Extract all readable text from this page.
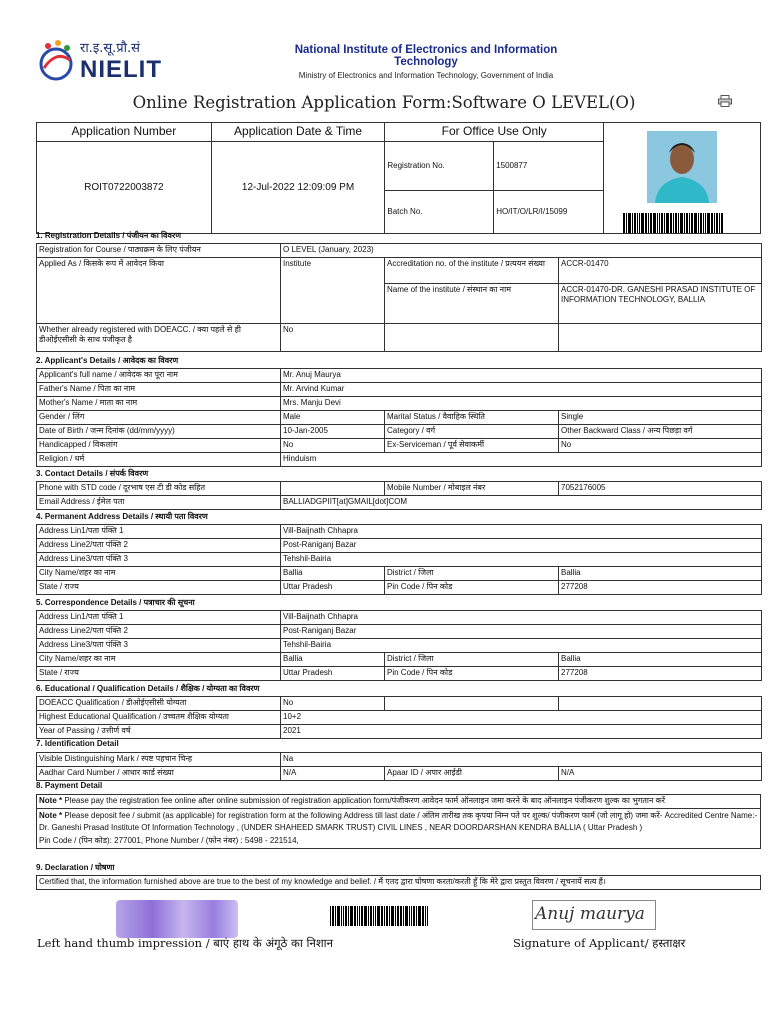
रा.इ.सू.प्रौ.सं
NIELIT
National Institute of Electronics and Information Technology
Ministry of Electronics and Information Technology, Government of India
Online Registration Application Form:Software O LEVEL(O)
Application Number	Application Date & Time	For Office Use Only	

ROIT0722003872	12-Jul-2022 12:09:09 PM	Registration No.	1500877	
		Batch No.	HO/IT/O/LR/I/15099	
1. Registration Details / पंजीयन का विवरण
Registration for Course / पाठ्यक्रम के लिए पंजीयन	O LEVEL (January, 2023)		
Applied As / किसके रूप में आवेदन किया	Institute	Accreditation no. of the institute / प्रत्ययन संख्या	ACCR-01470
		Name of the institute / संस्थान का नाम	ACCR-01470-DR. GANESHI PRASAD INSTITUTE OF INFORMATION TECHNOLOGY, BALLIA
Whether already registered with DOEACC. / क्या पहले से ही डीओईएसीसी के साथ पंजीकृत है	No		
2. Applicant's Details / आवेदक का विवरण
Applicant's full name / आवेदक का पूरा नाम	Mr. Anuj Maurya		
Father's Name / पिता का नाम	Mr. Arvind Kumar		
Mother's Name / माता का नाम	Mrs. Manju Devi		
Gender / लिंग	Male	Marital Status / वैवाहिक स्थिति	Single
Date of Birth / जन्म दिनांक (dd/mm/yyyy)	10-Jan-2005	Category / वर्ग	Other Backward Class / अन्य पिछड़ा वर्ग
Handicapped / विकलांग	No	Ex-Serviceman / पूर्व सेवाकर्मी	No
Religion / धर्म	Hinduism		
3. Contact Details / संपर्क विवरण
Phone with STD code / दूरभाष एस टी डी कोड सहित		Mobile Number / मोबाइल नंबर	7052176005
Email Address / ईमेल पता	BALLIADGPIIT[at]GMAIL[dot]COM		
4. Permanent Address Details / स्थायी पता विवरण
Address Lin1/पता पंक्ति 1	Vill-Baijnath Chhapra		
Address Line2/पता पंक्ति 2	Post-Raniganj Bazar		
Address Line3/पता पंक्ति 3	Tehshil-Bairia		
City Name/शहर का नाम	Ballia	District / जिला	Ballia
State / राज्य	Uttar Pradesh	Pin Code / पिन कोड	277208
5. Correspondence Details / पत्राचार की सूचना
Address Lin1/पता पंक्ति 1	Vill-Baijnath Chhapra		
Address Line2/पता पंक्ति 2	Post-Raniganj Bazar		
Address Line3/पता पंक्ति 3	Tehshil-Bairia		
City Name/शहर का नाम	Ballia	District / जिला	Ballia
State / राज्य	Uttar Pradesh	Pin Code / पिन कोड	277208
6. Educational / Qualification Details / शैक्षिक / योग्यता का विवरण
DOEACC Qualification / डीओईएसीसी योग्यता	No		
Highest Educational Qualification / उच्चतम शैक्षिक योग्यता	10+2		
Year of Passing / उत्तीर्ण वर्ष	2021		
7. Identification Detail
Visible Distinguishing Mark / स्पष्ट पहचान चिन्ह	Na		
Aadhar Card Number / आधार कार्ड संख्या	N/A	Apaar ID / अपार आईडी	N/A
8. Payment Detail
Note * Please pay the registration fee online after online submission of registration application form/पंजीकरण आवेदन फार्म ऑनलाइन जमा करने के बाद ऑनलाइन पंजीकरण शुल्क का भुगतान करें
Note * Please deposit fee / submit (as applicable) for registration form at the following Address till last date / अंतिम तारीख तक कृपया निम्न पते पर शुल्क/ पंजीकरण फार्म (जो लागू हो) जमा करें- Accredited Centre Name:- Dr. Ganeshi Prasad Institute Of Information Technology , (UNDER SHAHEED SMARK TRUST) CIVIL LINES , NEAR DOORDARSHAN KENDRA BALLIA ( Uttar Pradesh )
Pin Code / (पिन कोड): 277001, Phone Number / (फोन नंबर) : 5498 - 221514,
9. Declaration / घोषणा
Certified that, the information furnished above are true to the best of my knowledge and belief. / मैं एतद द्वारा घोषणा करता/करती हूँ कि मेरे द्वारा प्रस्तुत विवरण / सूचनायें सत्य हैं।
Anuj maurya
Left hand thumb impression / बाएं हाथ के अंगूठे का निशान	Signature of Applicant/ हस्ताक्षर
